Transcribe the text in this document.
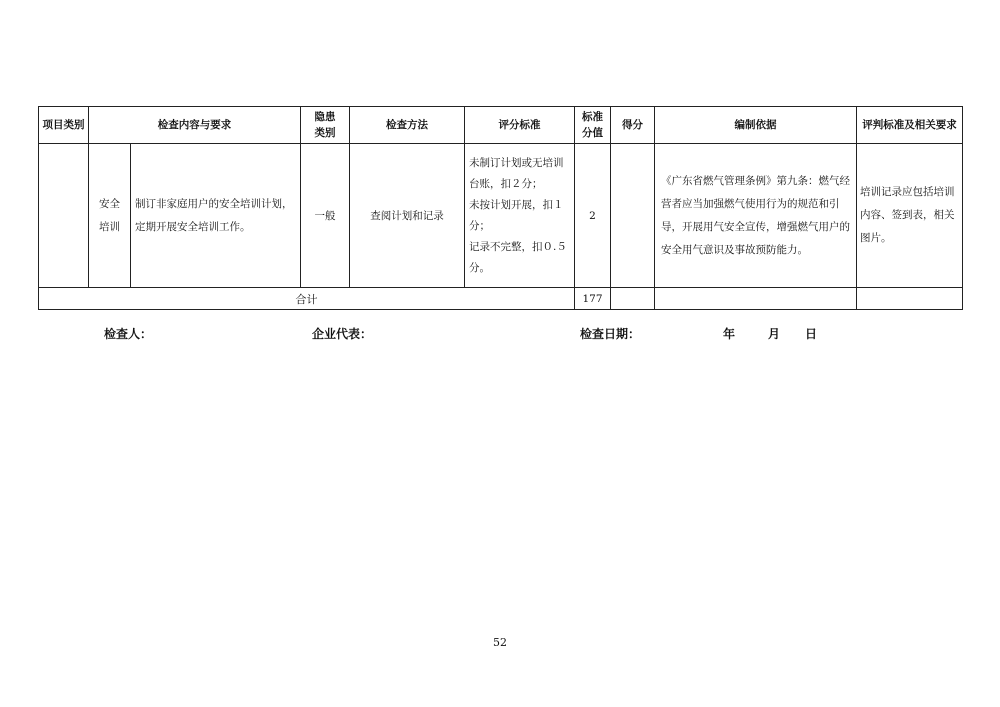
项目类别	检查内容与要求		隐患类别	检查方法	评分标准	标准分值	得分	编制依据	评判标准及相关要求

	安全培训	制订非家庭用户的安全培训计划，定期开展安全培训工作。	一般	查阅计划和记录	未制订计划或无培训台账，扣２分；
未按计划开展，扣１分；
记录不完整，扣０.５分。	2		《广东省燃气管理条例》第九条：燃气经营者应当加强燃气使用行为的规范和引导，开展用气安全宣传，增强燃气用户的安全用气意识及事故预防能力。	培训记录应包括培训内容、签到表，相关图片。

合计						177			
检查人：	企业代表：	检查日期：	年	月 日
52
